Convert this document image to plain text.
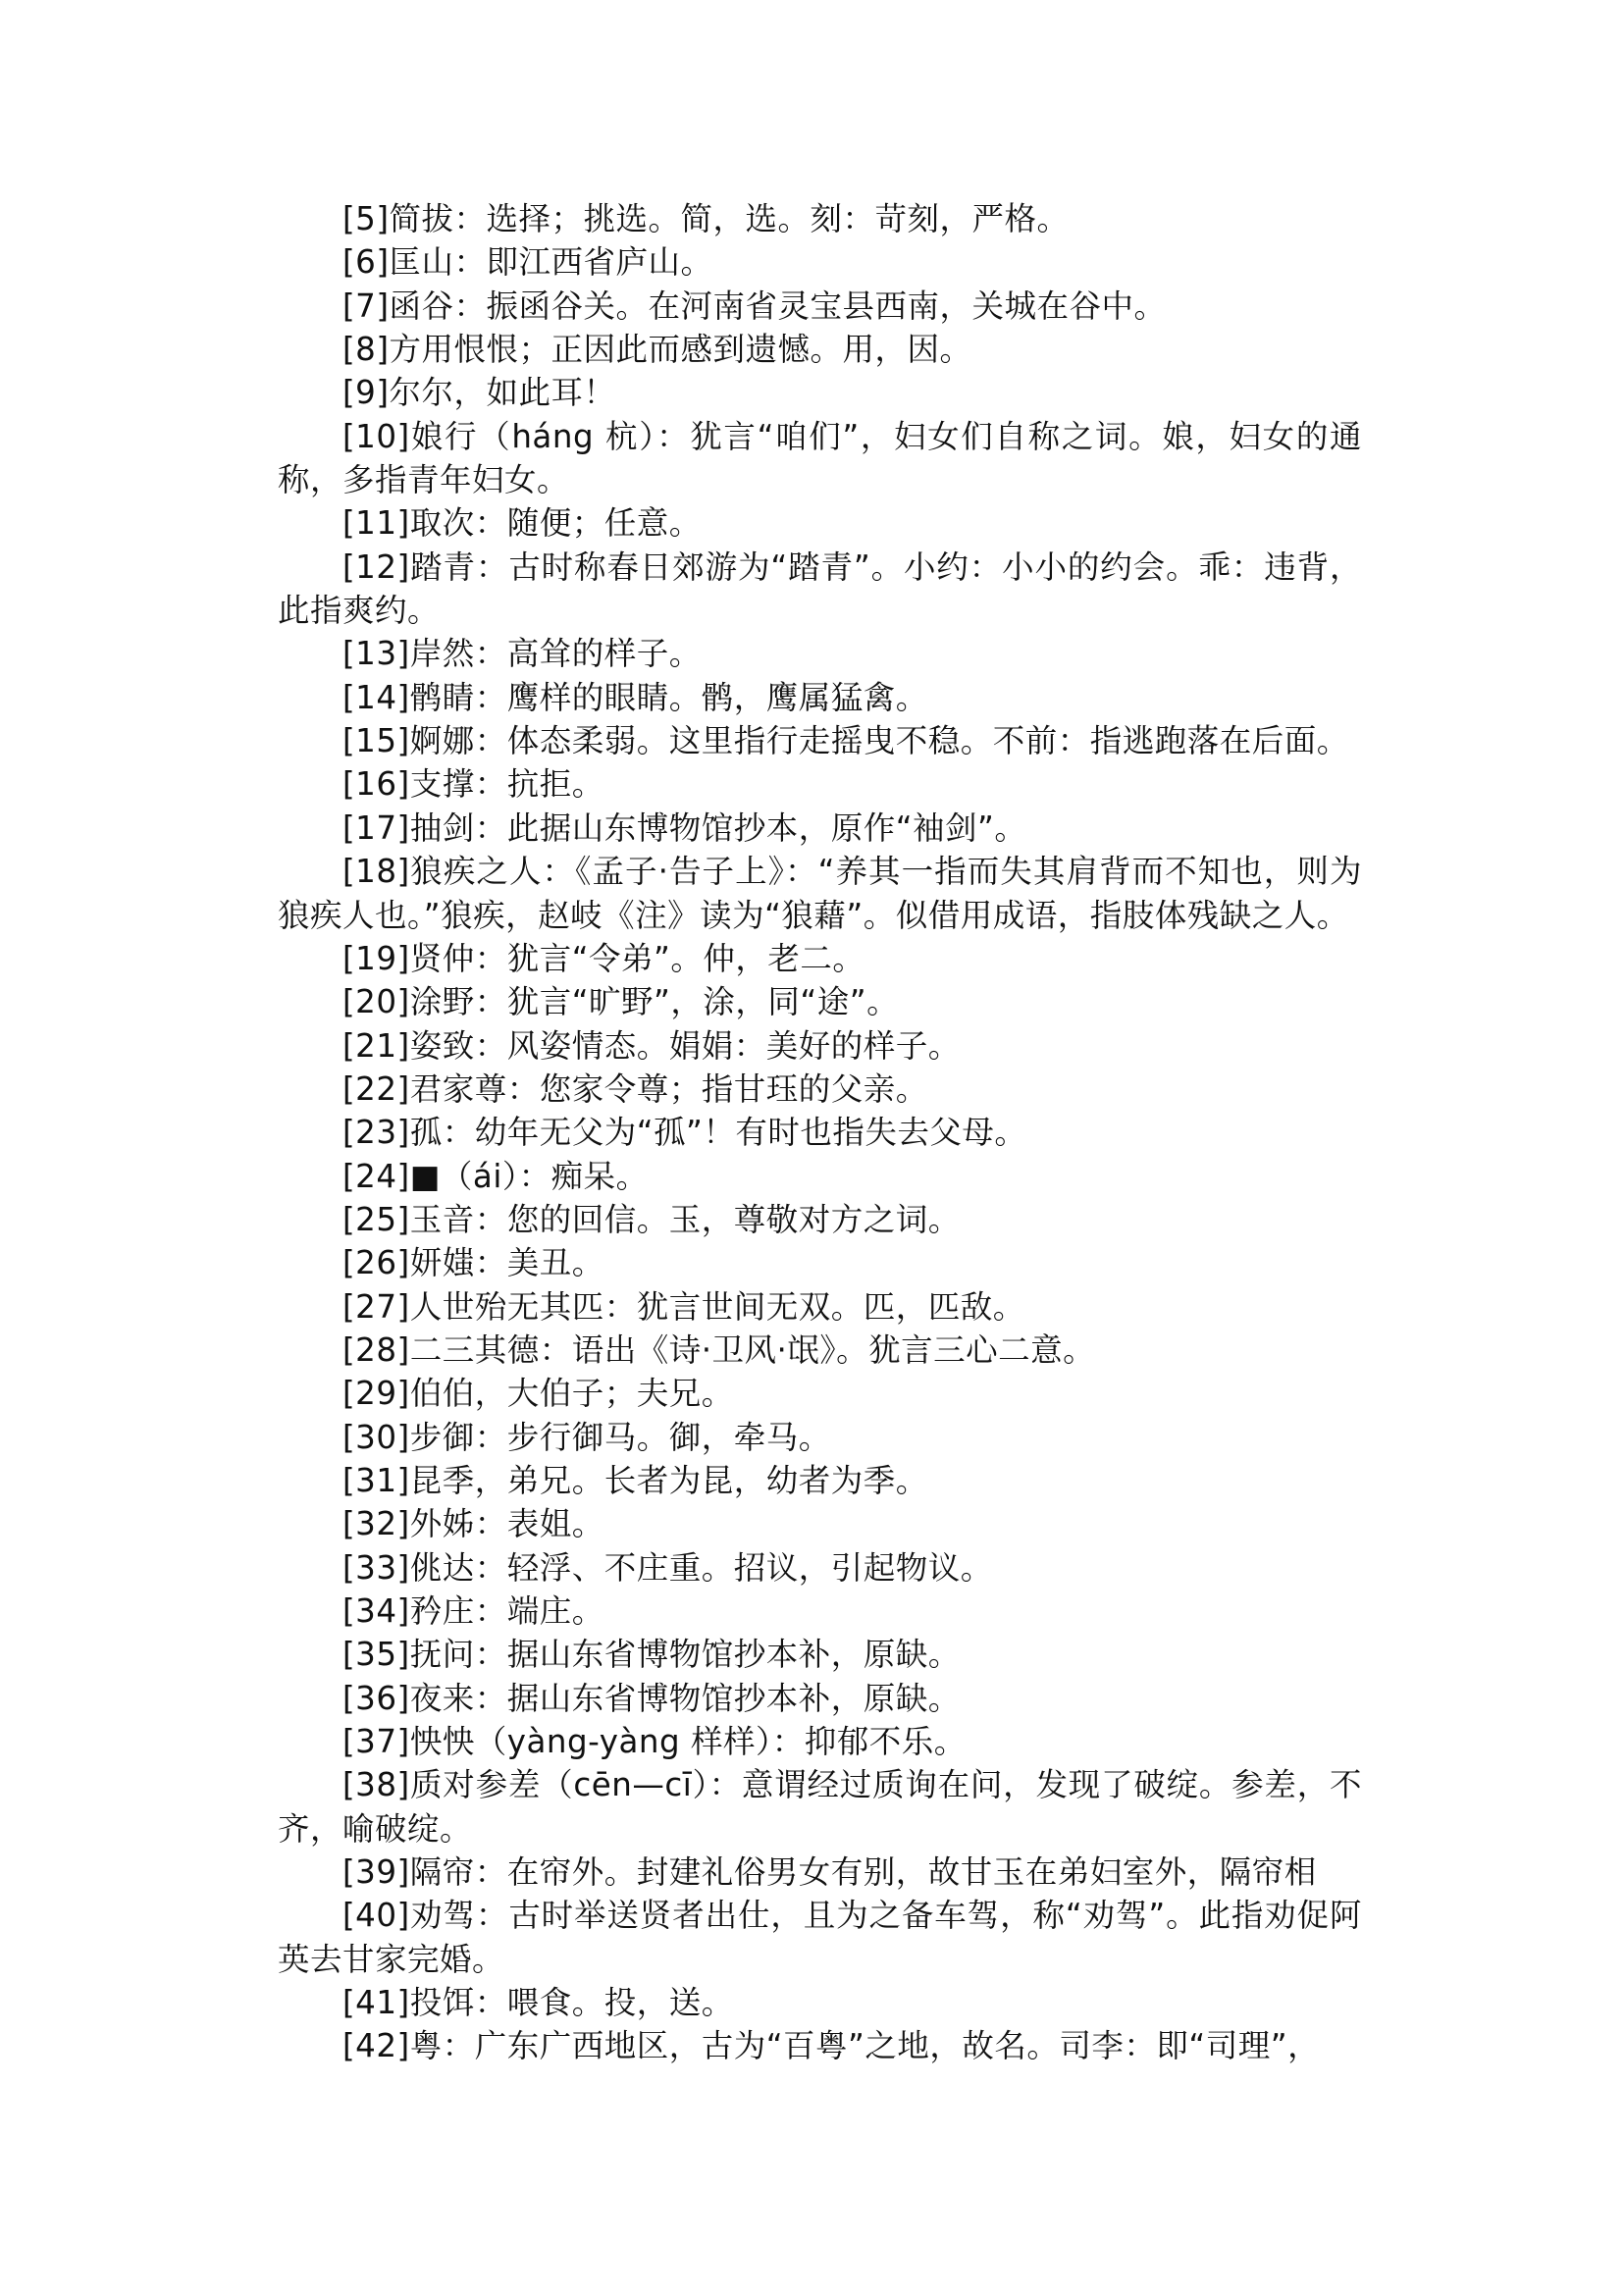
[5]简拔：选择；挑选。简，选。刻：苛刻，严格。

[6]匡山：即江西省庐山。

[7]函谷：振函谷关。在河南省灵宝县西南，关城在谷中。

[8]方用恨恨；正因此而感到遗憾。用，因。

[9]尔尔，如此耳！

[10]娘行（háng 杭）：犹言“咱们”，妇女们自称之词。娘，妇女的通称，多指青年妇女。

[11]取次：随便；任意。

[12]踏青：古时称春日郊游为“踏青”。小约：小小的约会。乖：违背，此指爽约。

[13]岸然：高耸的样子。

[14]鹘睛：鹰样的眼睛。鹘，鹰属猛禽。

[15]婀娜：体态柔弱。这里指行走摇曳不稳。不前：指逃跑落在后面。

[16]支撑：抗拒。

[17]抽剑：此据山东博物馆抄本，原作“袖剑”。

[18]狼疾之人：《孟子·告子上》：“养其一指而失其肩背而不知也，则为狼疾人也。”狼疾，赵岐《注》读为“狼藉”。似借用成语，指肢体残缺之人。

[19]贤仲：犹言“令弟”。仲，老二。

[20]涂野：犹言“旷野”，涂，同“途”。

[21]姿致：风姿情态。娟娟：美好的样子。

[22]君家尊：您家令尊；指甘珏的父亲。

[23]孤：幼年无父为“孤”！有时也指失去父母。

[24]■（ái）：痴呆。

[25]玉音：您的回信。玉，尊敬对方之词。

[26]妍媸：美丑。

[27]人世殆无其匹：犹言世间无双。匹，匹敌。

[28]二三其德：语出《诗·卫风·氓》。犹言三心二意。

[29]伯伯，大伯子；夫兄。

[30]步御：步行御马。御，牵马。

[31]昆季，弟兄。长者为昆，幼者为季。

[32]外姊：表姐。

[33]佻达：轻浮、不庄重。招议，引起物议。

[34]矜庄：端庄。

[35]抚问：据山东省博物馆抄本补，原缺。

[36]夜来：据山东省博物馆抄本补，原缺。

[37]怏怏（yàng-yàng 样样）：抑郁不乐。

[38]质对参差（cēn—cī）：意谓经过质询在问，发现了破绽。参差，不齐，喻破绽。

[39]隔帘：在帘外。封建礼俗男女有别，故甘玉在弟妇室外，隔帘相

[40]劝驾：古时举送贤者出仕，且为之备车驾，称“劝驾”。此指劝促阿英去甘家完婚。

[41]投饵：喂食。投，送。

[42]粤：广东广西地区，古为“百粤”之地，故名。司李：即“司理”，
